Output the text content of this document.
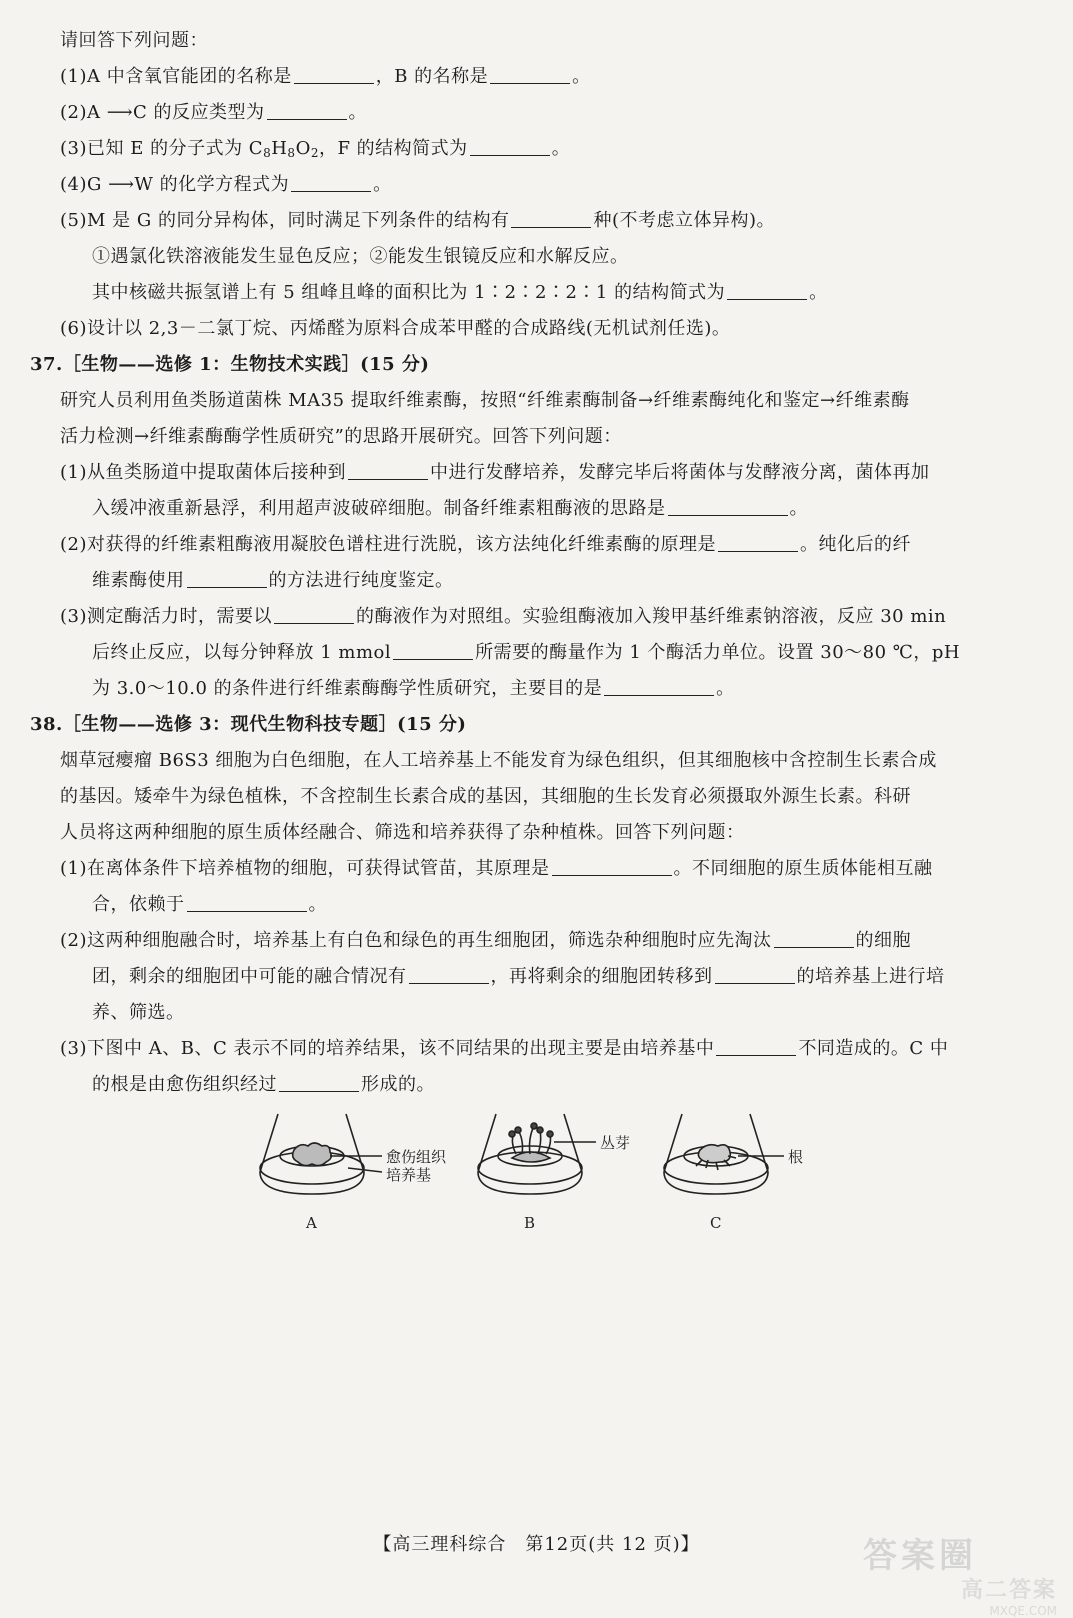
请回答下列问题：
(1)A 中含氧官能团的名称是	，B 的名称是	。
(2)A ⟶C 的反应类型为	。
(3)已知 E 的分子式为 $C_8H_8O_2$，F 的结构简式为	。
(4)G ⟶W 的化学方程式为	。
(5)M 是 G 的同分异构体，同时满足下列条件的结构有	种(不考虑立体异构)。
①遇氯化铁溶液能发生显色反应；②能发生银镜反应和水解反应。
其中核磁共振氢谱上有 5 组峰且峰的面积比为 1∶2∶2∶2∶1 的结构简式为	。
(6)设计以 2,3－二氯丁烷、丙烯醛为原料合成苯甲醛的合成路线(无机试剂任选)。
37.［生物——选修 1：生物技术实践］(15 分)
研究人员利用鱼类肠道菌株 MA35 提取纤维素酶，按照“纤维素酶制备→纤维素酶纯化和鉴定→纤维素酶
活力检测→纤维素酶酶学性质研究”的思路开展研究。回答下列问题：
(1)从鱼类肠道中提取菌体后接种到	中进行发酵培养，发酵完毕后将菌体与发酵液分离，菌体再加
入缓冲液重新悬浮，利用超声波破碎细胞。制备纤维素粗酶液的思路是	。
(2)对获得的纤维素粗酶液用凝胶色谱柱进行洗脱，该方法纯化纤维素酶的原理是	。纯化后的纤
维素酶使用	的方法进行纯度鉴定。
(3)测定酶活力时，需要以	的酶液作为对照组。实验组酶液加入羧甲基纤维素钠溶液，反应 30 min
后终止反应，以每分钟释放 1 mmol	所需要的酶量作为 1 个酶活力单位。设置 30～80 ℃，pH
为 3.0～10.0 的条件进行纤维素酶酶学性质研究，主要目的是	。
38.［生物——选修 3：现代生物科技专题］(15 分)
烟草冠瘿瘤 B6S3 细胞为白色细胞，在人工培养基上不能发育为绿色组织，但其细胞核中含控制生长素合成
的基因。矮牵牛为绿色植株，不含控制生长素合成的基因，其细胞的生长发育必须摄取外源生长素。科研
人员将这两种细胞的原生质体经融合、筛选和培养获得了杂种植株。回答下列问题：
(1)在离体条件下培养植物的细胞，可获得试管苗，其原理是	。不同细胞的原生质体能相互融
合，依赖于	。
(2)这两种细胞融合时，培养基上有白色和绿色的再生细胞团，筛选杂种细胞时应先淘汰	的细胞
团，剩余的细胞团中可能的融合情况有	，再将剩余的细胞团转移到	的培养基上进行培
养、筛选。
(3)下图中 A、B、C 表示不同的培养结果，该不同结果的出现主要是由培养基中	不同造成的。C 中
的根是由愈伤组织经过	形成的。
愈伤组织
培养基
A
丛芽
B
根
C
【高三理科综合　第12页(共 12 页)】	答案圈
高二答案
MXQE.COM
